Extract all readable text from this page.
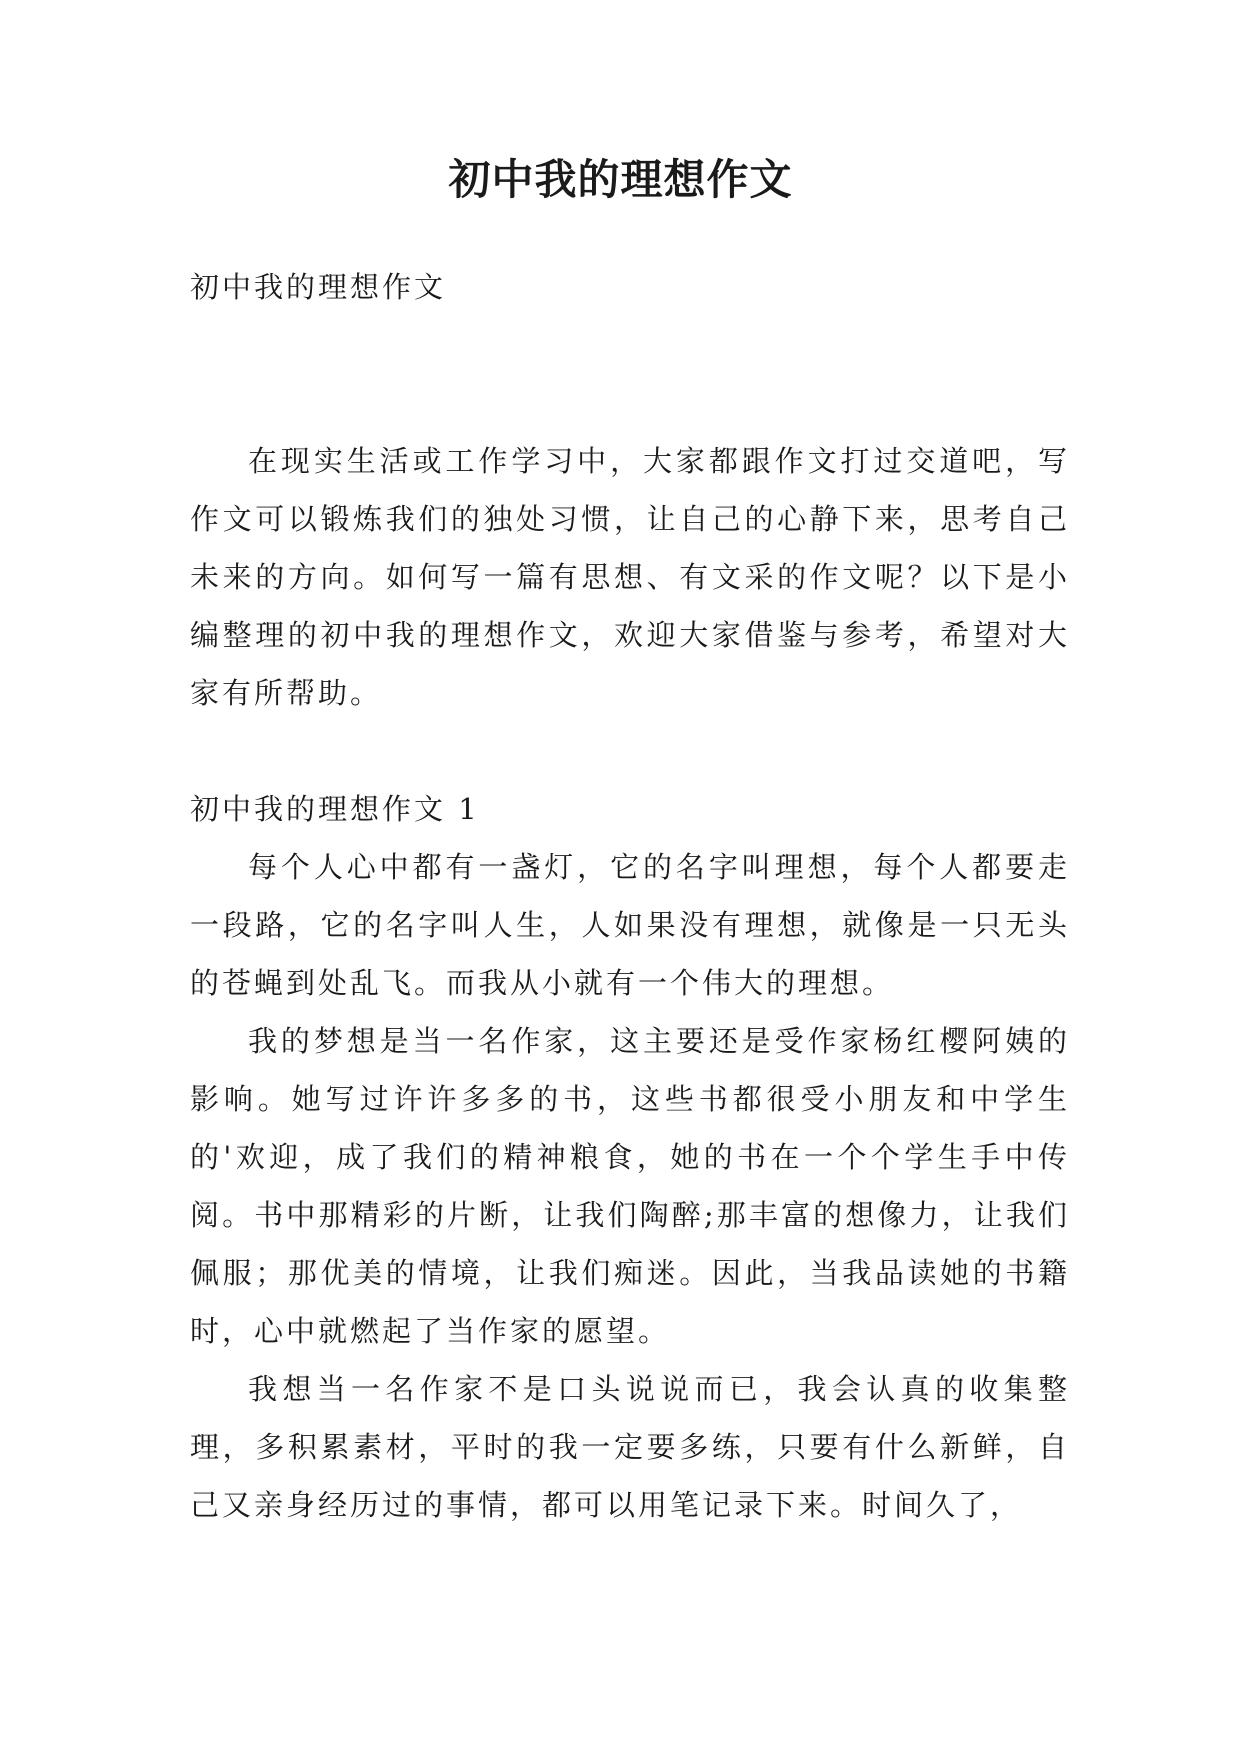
初中我的理想作文

初中我的理想作文

在现实生活或工作学习中，大家都跟作文打过交道吧，写作文可以锻炼我们的独处习惯，让自己的心静下来，思考自己未来的方向。如何写一篇有思想、有文采的作文呢？以下是小编整理的初中我的理想作文，欢迎大家借鉴与参考，希望对大家有所帮助。

初中我的理想作文 1

每个人心中都有一盏灯，它的名字叫理想，每个人都要走一段路，它的名字叫人生，人如果没有理想，就像是一只无头的苍蝇到处乱飞。而我从小就有一个伟大的理想。

我的梦想是当一名作家，这主要还是受作家杨红樱阿姨的影响。她写过许许多多的书，这些书都很受小朋友和中学生的'欢迎，成了我们的精神粮食，她的书在一个个学生手中传阅。书中那精彩的片断，让我们陶醉;那丰富的想像力，让我们佩服；那优美的情境，让我们痴迷。因此，当我品读她的书籍时，心中就燃起了当作家的愿望。

我想当一名作家不是口头说说而已，我会认真的收集整理，多积累素材，平时的我一定要多练，只要有什么新鲜，自己又亲身经历过的事情，都可以用笔记录下来。时间久了，
